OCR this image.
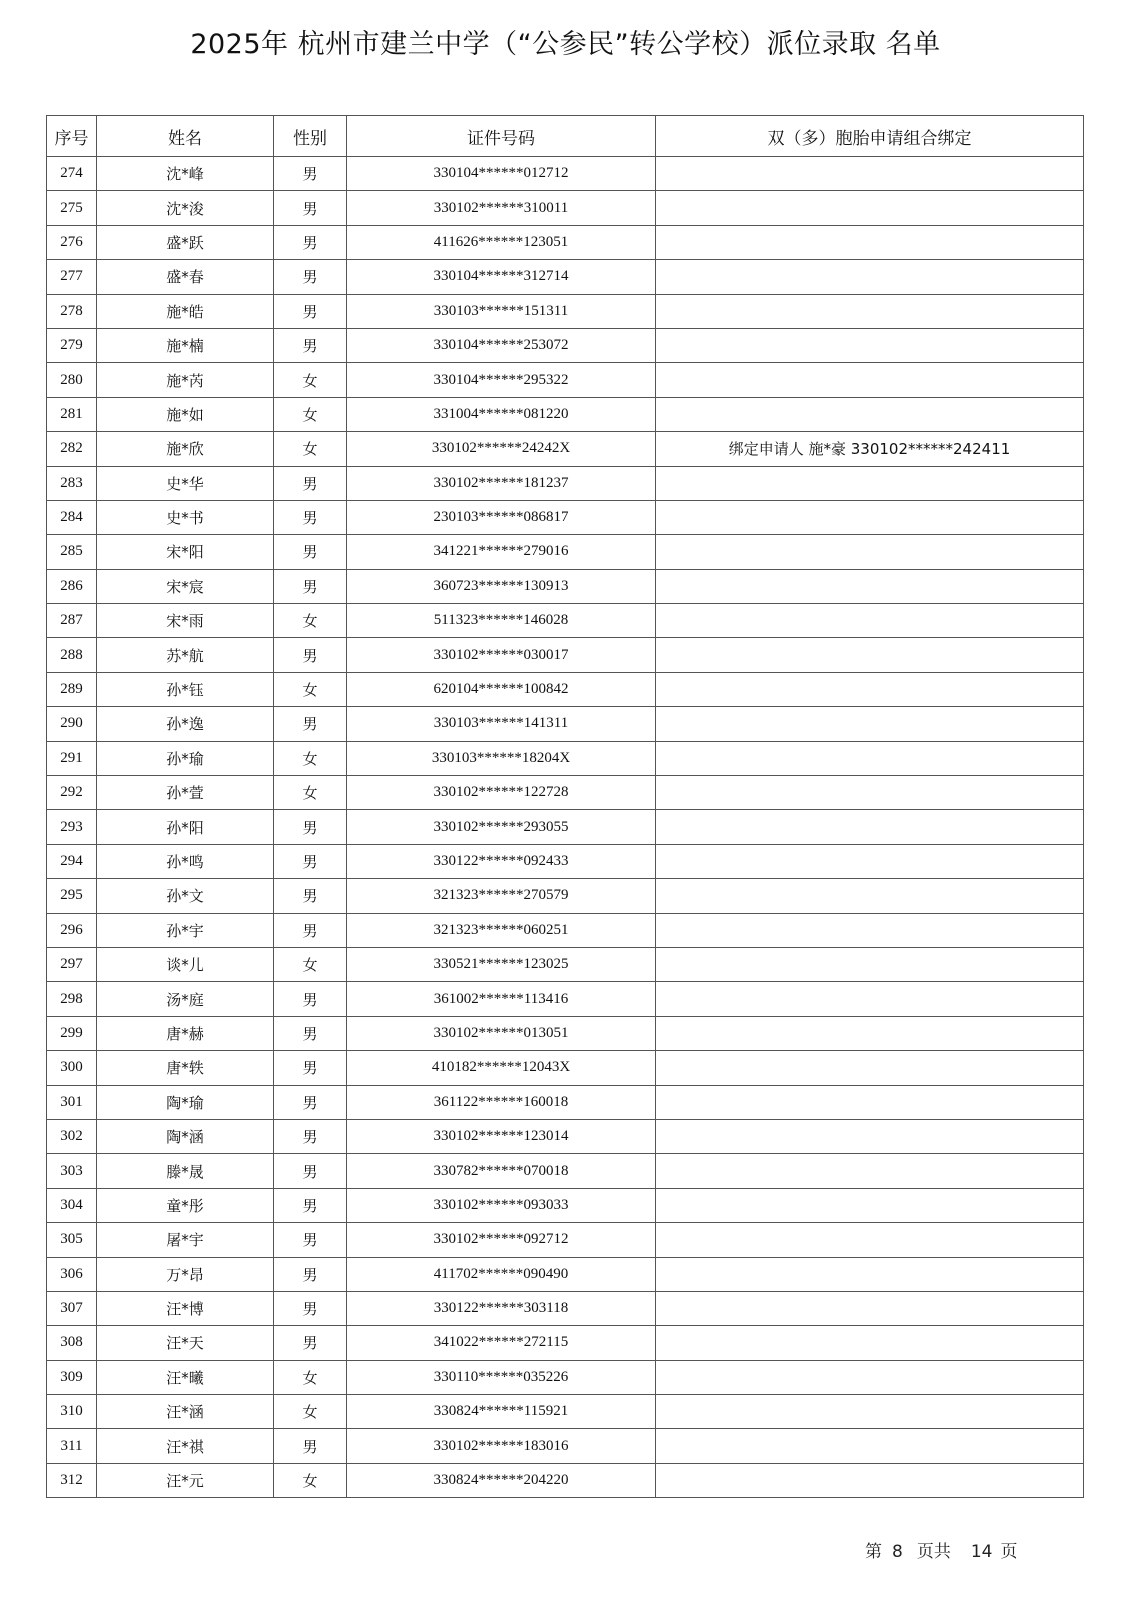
2025年 杭州市建兰中学（“公参民”转公学校）派位录取 名单
序号	姓名	性别	证件号码	双（多）胞胎申请组合绑定
274	沈*峰	男	330104******012712	
275	沈*浚	男	330102******310011	
276	盛*跃	男	411626******123051	
277	盛*春	男	330104******312714	
278	施*皓	男	330103******151311	
279	施*楠	男	330104******253072	
280	施*芮	女	330104******295322	
281	施*如	女	331004******081220	
282	施*欣	女	330102******24242X	绑定申请人 施*豪 330102******242411
283	史*华	男	330102******181237	
284	史*书	男	230103******086817	
285	宋*阳	男	341221******279016	
286	宋*宸	男	360723******130913	
287	宋*雨	女	511323******146028	
288	苏*航	男	330102******030017	
289	孙*钰	女	620104******100842	
290	孙*逸	男	330103******141311	
291	孙*瑜	女	330103******18204X	
292	孙*萱	女	330102******122728	
293	孙*阳	男	330102******293055	
294	孙*鸣	男	330122******092433	
295	孙*文	男	321323******270579	
296	孙*宇	男	321323******060251	
297	谈*儿	女	330521******123025	
298	汤*庭	男	361002******113416	
299	唐*赫	男	330102******013051	
300	唐*轶	男	410182******12043X	
301	陶*瑜	男	361122******160018	
302	陶*涵	男	330102******123014	
303	滕*晟	男	330782******070018	
304	童*彤	男	330102******093033	
305	屠*宇	男	330102******092712	
306	万*昂	男	411702******090490	
307	汪*博	男	330122******303118	
308	汪*天	男	341022******272115	
309	汪*曦	女	330110******035226	
310	汪*涵	女	330824******115921	
311	汪*祺	男	330102******183016	
312	汪*元	女	330824******204220	
第 8 页共 14 页
